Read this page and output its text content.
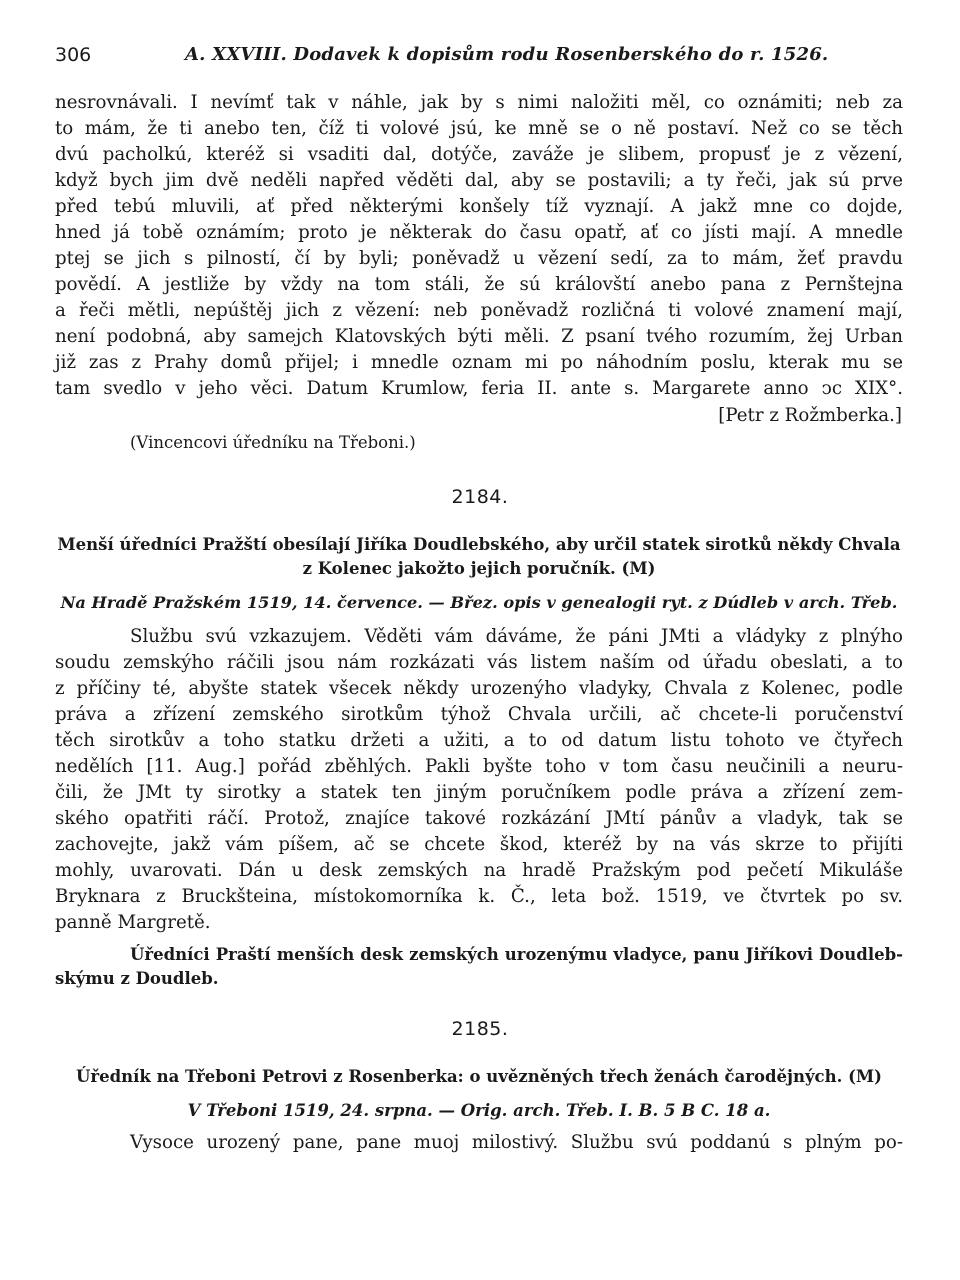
306	A. XXVIII. Dodavek k dopisům rodu Rosenberského do r. 1526.
nesrovnávali. I nevímť tak v náhle, jak by s nimi naložiti měl, co oznámiti; neb za
to mám, že ti anebo ten, číž ti volové jsú, ke mně se o ně postaví. Než co se těch
dvú pacholkú, kteréž si vsaditi dal, dotýče, zaváže je slibem, propusť je z vězení,
když bych jim dvě neděli napřed věděti dal, aby se postavili; a ty řeči, jak sú prve
před tebú mluvili, ať před některými konšely tíž vyznají. A jakž mne co dojde,
hned já tobě oznámím; proto je některak do času opatř, ať co jísti mají. A mnedle
ptej se jich s pilností, čí by byli; poněvadž u vězení sedí, za to mám, žeť pravdu
povědí. A jestliže by vždy na tom stáli, že sú královští anebo pana z Pernštejna
a řeči mětli, nepúštěj jich z vězení: neb poněvadž rozličná ti volové znamení mají,
není podobná, aby samejch Klatovských býti měli. Z psaní tvého rozumím, žej Urban
již zas z Prahy domů přijel; i mnedle oznam mi po náhodním poslu, kterak mu se
tam svedlo v jeho věci. Datum Krumlow, feria II. ante s. Margarete anno ↄc XIX°.
[Petr z Rožmberka.]
(Vincencovi úředníku na Třeboni.)
2184.
Menší úředníci Pražští obesílají Jiříka Doudlebského, aby určil statek sirotků někdy Chvala
z Kolenec jakožto jejich poručník. (M)
Na Hradě Pražském 1519, 14. července. — Břez. opis v genealogii ryt. z Dúdleb v arch. Třeb.
Službu svú vzkazujem. Věděti vám dáváme, že páni JMti a vládyky z plnýho
soudu zemskýho ráčili jsou nám rozkázati vás listem naším od úřadu obeslati, a to
z příčiny té, abyšte statek všecek někdy urozenýho vladyky, Chvala z Kolenec, podle
práva a zřízení zemského sirotkům týhož Chvala určili, ač chcete-li poručenství
těch sirotkův a toho statku držeti a užiti, a to od datum listu tohoto ve čtyřech
nedělích [11. Aug.] pořád zběhlých. Pakli byšte toho v tom času neučinili a neuru-
čili, že JMt ty sirotky a statek ten jiným poručníkem podle práva a zřízení zem-
ského opatřiti ráčí. Protož, znajíce takové rozkázání JMtí pánův a vladyk, tak se
zachovejte, jakž vám píšem, ač se chcete škod, kteréž by na vás skrze to přijíti
mohly, uvarovati. Dán u desk zemských na hradě Pražským pod pečetí Mikuláše
Bryknara z Bruckšteina, místokomorníka k. Č., leta bož. 1519, ve čtvrtek po sv.
panně Margretě.
Úředníci Praští menších desk zemských urozenýmu vladyce, panu Jiříkovi Doudleb-
skýmu z Doudleb.
2185.
Úředník na Třeboni Petrovi z Rosenberka: o uvězněných třech ženách čarodějných. (M)
V Třeboni 1519, 24. srpna. — Orig. arch. Třeb. I. B. 5 B C. 18 a.
Vysoce urozený pane, pane muoj milostivý. Službu svú poddanú s plným po-
